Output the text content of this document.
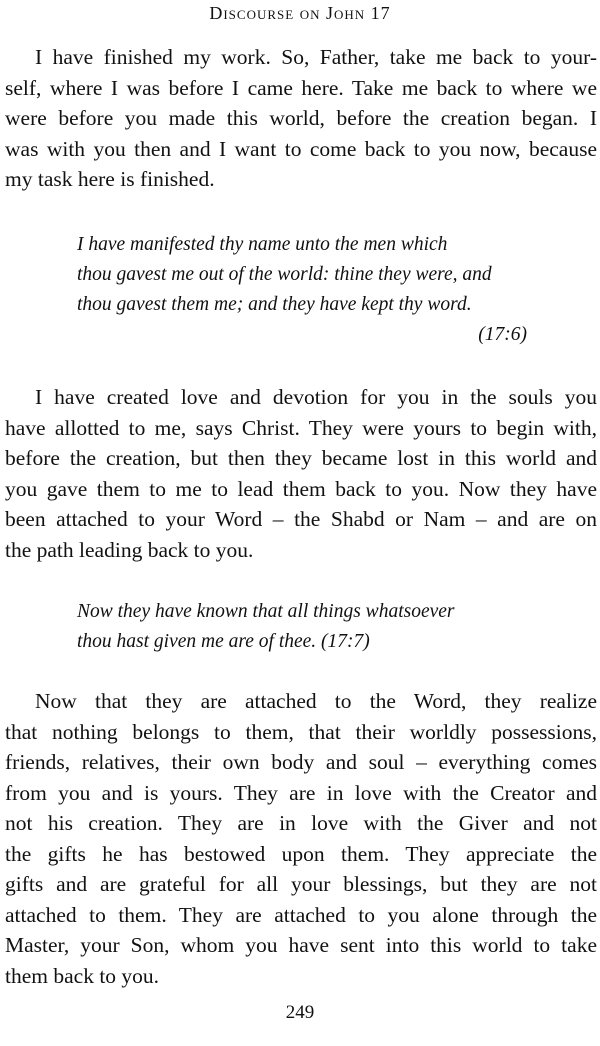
Discourse on John 17

I have finished my work. So, Father, take me back to your-
self, where I was before I came here. Take me back to where we
were before you made this world, before the creation began. I
was with you then and I want to come back to you now, because
my task here is finished.

I have manifested thy name unto the men which
thou gavest me out of the world: thine they were, and
thou gavest them me; and they have kept thy word.
(17:6)

I have created love and devotion for you in the souls you
have allotted to me, says Christ. They were yours to begin with,
before the creation, but then they became lost in this world and
you gave them to me to lead them back to you. Now they have
been attached to your Word – the Shabd or Nam – and are on
the path leading back to you.

Now they have known that all things whatsoever
thou hast given me are of thee. (17:7)

Now that they are attached to the Word, they realize
that nothing belongs to them, that their worldly possessions,
friends, relatives, their own body and soul – everything comes
from you and is yours. They are in love with the Creator and
not his creation. They are in love with the Giver and not
the gifts he has bestowed upon them. They appreciate the
gifts and are grateful for all your blessings, but they are not
attached to them. They are attached to you alone through the
Master, your Son, whom you have sent into this world to take
them back to you.

249
